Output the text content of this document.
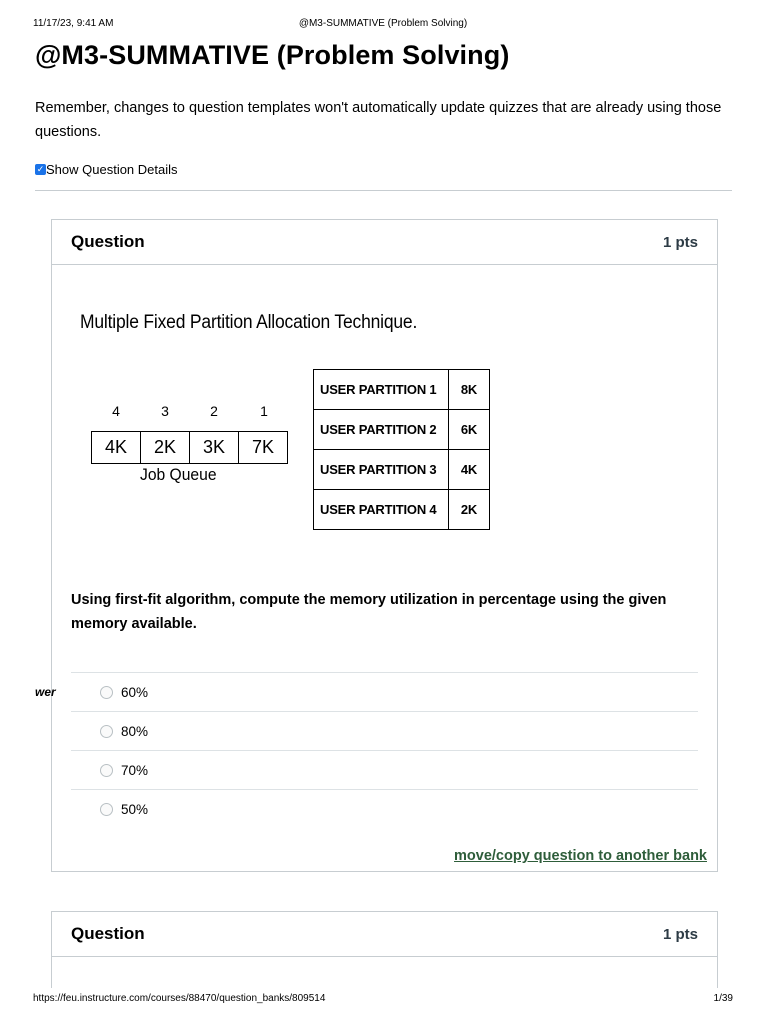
11/17/23, 9:41 AM	@M3-SUMMATIVE (Problem Solving)
@M3-SUMMATIVE (Problem Solving)
Remember, changes to question templates won't automatically update quizzes that are already using those questions.
✓ Show Question Details
Question	1 pts
Multiple Fixed Partition Allocation Technique.
4	3	2	1
4K	2K	3K	7K
Job Queue
USER PARTITION 1	8K
USER PARTITION 2	6K
USER PARTITION 3	4K
USER PARTITION 4	2K
Using first-fit algorithm, compute the memory utilization in percentage using the given memory available.
60%
80%
70%
50%
move/copy question to another bank
wer
Question	1 pts
https://feu.instructure.com/courses/88470/question_banks/809514	1/39
